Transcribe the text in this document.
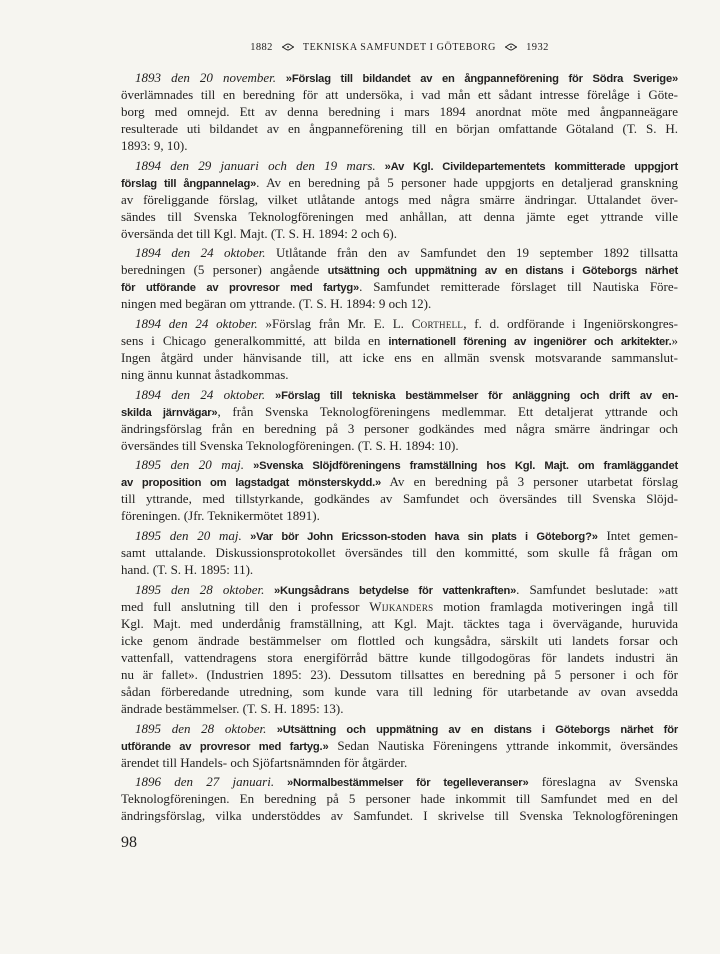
1882	TEKNISKA SAMFUNDET I GÖTEBORG	1932
1893 den 20 november. »Förslag till bildandet av en ångpanneförening för Södra Sverige»
överlämnades till en beredning för att undersöka, i vad mån ett sådant intresse förelåge i Göte-
borg med omnejd. Ett av denna beredning i mars 1894 anordnat möte med ångpanneägare
resulterade uti bildandet av en ångpanneförening till en början omfattande Götaland (T. S. H.
1893: 9, 10).
1894 den 29 januari och den 19 mars. »Av Kgl. Civildepartementets kommitterade uppgjort
förslag till ångpannelag». Av en beredning på 5 personer hade uppgjorts en detaljerad granskning
av föreliggande förslag, vilket utlåtande antogs med några smärre ändringar. Uttalandet över-
sändes till Svenska Teknologföreningen med anhållan, att denna jämte eget yttrande ville
översända det till Kgl. Majt. (T. S. H. 1894: 2 och 6).
1894 den 24 oktober. Utlåtande från den av Samfundet den 19 september 1892 tillsatta
beredningen (5 personer) angående utsättning och uppmätning av en distans i Göteborgs närhet
för utförande av provresor med fartyg». Samfundet remitterade förslaget till Nautiska Före-
ningen med begäran om yttrande. (T. S. H. 1894: 9 och 12).
1894 den 24 oktober. »Förslag från Mr. E. L. Corthell, f. d. ordförande i Ingeniörskongres-
sens i Chicago generalkommitté, att bilda en internationell förening av ingeniörer och arkitekter.»
Ingen åtgärd under hänvisande till, att icke ens en allmän svensk motsvarande sammanslut-
ning ännu kunnat åstadkommas.
1894 den 24 oktober. »Förslag till tekniska bestämmelser för anläggning och drift av en-
skilda järnvägar», från Svenska Teknologföreningens medlemmar. Ett detaljerat yttrande och
ändringsförslag från en beredning på 3 personer godkändes med några smärre ändringar och
översändes till Svenska Teknologföreningen. (T. S. H. 1894: 10).
1895 den 20 maj. »Svenska Slöjdföreningens framställning hos Kgl. Majt. om framläggandet
av proposition om lagstadgat mönsterskydd.» Av en beredning på 3 personer utarbetat förslag
till yttrande, med tillstyrkande, godkändes av Samfundet och översändes till Svenska Slöjd-
föreningen. (Jfr. Teknikermötet 1891).
1895 den 20 maj. »Var bör John Ericsson-stoden hava sin plats i Göteborg?» Intet gemen-
samt uttalande. Diskussionsprotokollet översändes till den kommitté, som skulle få frågan om
hand. (T. S. H. 1895: 11).
1895 den 28 oktober. »Kungsådrans betydelse för vattenkraften». Samfundet beslutade: »att
med full anslutning till den i professor Wijkanders motion framlagda motiveringen ingå till
Kgl. Majt. med underdånig framställning, att Kgl. Majt. täcktes taga i övervägande, huruvida
icke genom ändrade bestämmelser om flottled och kungsådra, särskilt uti landets forsar och
vattenfall, vattendragens stora energiförråd bättre kunde tillgodogöras för landets industri än
nu är fallet». (Industrien 1895: 23). Dessutom tillsattes en beredning på 5 personer i och för
sådan förberedande utredning, som kunde vara till ledning för utarbetande av ovan avsedda
ändrade bestämmelser. (T. S. H. 1895: 13).
1895 den 28 oktober. »Utsättning och uppmätning av en distans i Göteborgs närhet för
utförande av provresor med fartyg.» Sedan Nautiska Föreningens yttrande inkommit, översändes
ärendet till Handels- och Sjöfartsnämnden för åtgärder.
1896 den 27 januari. »Normalbestämmelser för tegelleveranser» föreslagna av Svenska
Teknologföreningen. En beredning på 5 personer hade inkommit till Samfundet med en del
ändringsförslag, vilka understöddes av Samfundet. I skrivelse till Svenska Teknologföreningen
98
